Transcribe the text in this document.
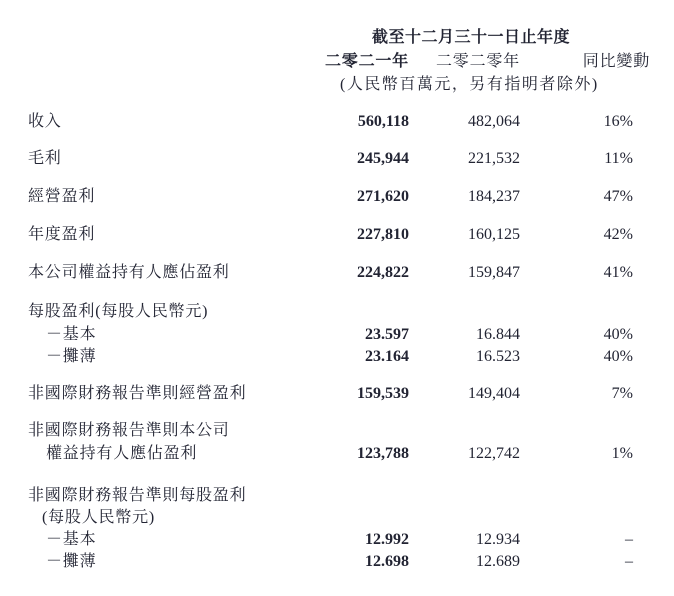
截至十二月三十一日止年度
二零二一年	二零二零年	同比變動
(人民幣百萬元，另有指明者除外)
收入	560,118	482,064	16%
毛利	245,944	221,532	11%
經營盈利	271,620	184,237	47%
年度盈利	227,810	160,125	42%
本公司權益持有人應佔盈利	224,822	159,847	41%
每股盈利(每股人民幣元)
－基本	23.597	16.844	40%
－攤薄	23.164	16.523	40%
非國際財務報告準則經營盈利	159,539	149,404	7%
非國際財務報告準則本公司
權益持有人應佔盈利	123,788	122,742	1%
非國際財務報告準則每股盈利
(每股人民幣元)
－基本	12.992	12.934	–
－攤薄	12.698	12.689	–
